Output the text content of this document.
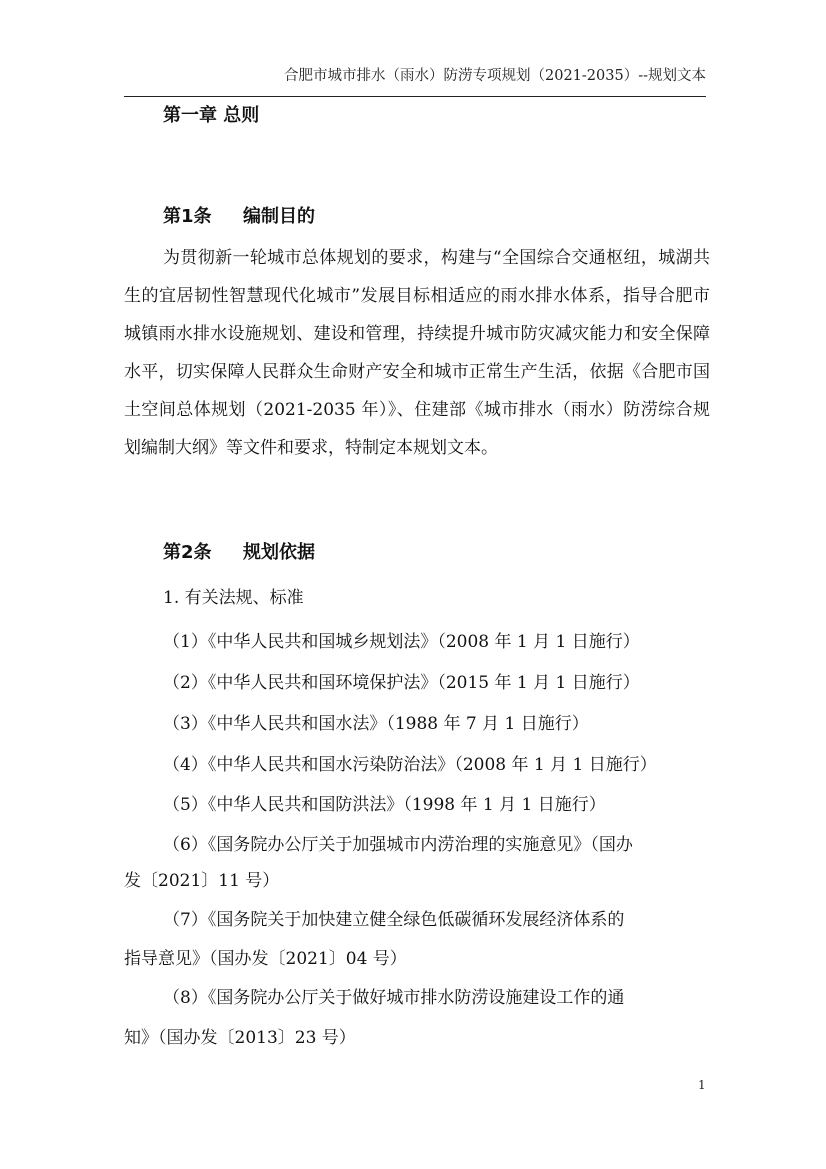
合肥市城市排水（雨水）防涝专项规划（2021-2035）--规划文本
第一章 总则
第1条 编制目的
为贯彻新一轮城市总体规划的要求，构建与“全国综合交通枢纽，城湖共生的宜居韧性智慧现代化城市”发展目标相适应的雨水排水体系，指导合肥市城镇雨水排水设施规划、建设和管理，持续提升城市防灾减灾能力和安全保障水平，切实保障人民群众生命财产安全和城市正常生产生活，依据《合肥市国土空间总体规划（2021-2035 年）》、住建部《城市排水（雨水）防涝综合规划编制大纲》等文件和要求，特制定本规划文本。
第2条 规划依据
1. 有关法规、标准
（1）《中华人民共和国城乡规划法》（2008 年 1 月 1 日施行）
（2）《中华人民共和国环境保护法》（2015 年 1 月 1 日施行）
（3）《中华人民共和国水法》（1988 年 7 月 1 日施行）
（4）《中华人民共和国水污染防治法》（2008 年 1 月 1 日施行）
（5）《中华人民共和国防洪法》（1998 年 1 月 1 日施行）
（6）《国务院办公厅关于加强城市内涝治理的实施意见》（国办
发〔2021〕11 号）
（7）《国务院关于加快建立健全绿色低碳循环发展经济体系的
指导意见》（国办发〔2021〕04 号）
（8）《国务院办公厅关于做好城市排水防涝设施建设工作的通
知》（国办发〔2013〕23 号）
1
